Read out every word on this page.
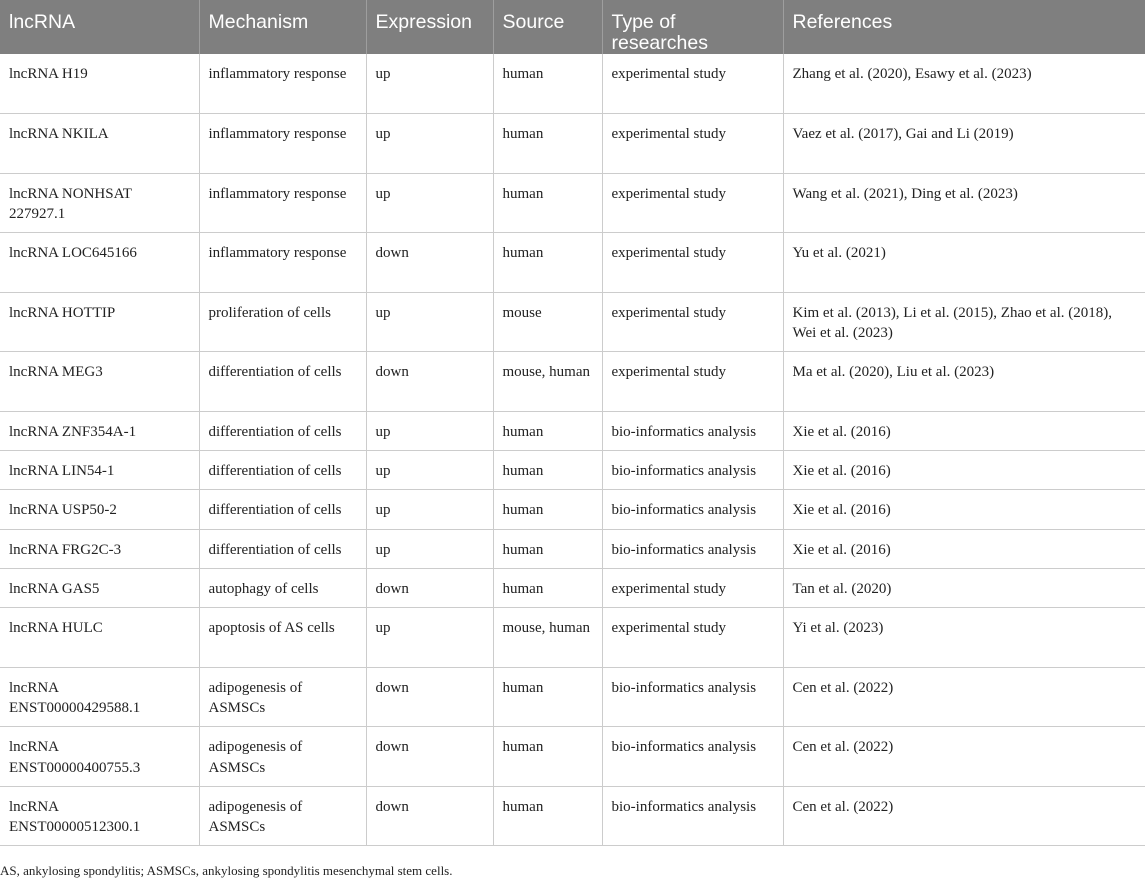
lncRNA	Mechanism	Expression	Source	Type of researches	References
lncRNA H19	inflammatory response	up	human	experimental study	Zhang et al. (2020), Esawy et al. (2023)
lncRNA NKILA	inflammatory response	up	human	experimental study	Vaez et al. (2017), Gai and Li (2019)
lncRNA NONHSAT 227927.1	inflammatory response	up	human	experimental study	Wang et al. (2021), Ding et al. (2023)
lncRNA LOC645166	inflammatory response	down	human	experimental study	Yu et al. (2021)
lncRNA HOTTIP	proliferation of cells	up	mouse	experimental study	Kim et al. (2013), Li et al. (2015), Zhao et al. (2018), Wei et al. (2023)
lncRNA MEG3	differentiation of cells	down	mouse, human	experimental study	Ma et al. (2020), Liu et al. (2023)
lncRNA ZNF354A-1	differentiation of cells	up	human	bio-informatics analysis	Xie et al. (2016)
lncRNA LIN54-1	differentiation of cells	up	human	bio-informatics analysis	Xie et al. (2016)
lncRNA USP50-2	differentiation of cells	up	human	bio-informatics analysis	Xie et al. (2016)
lncRNA FRG2C-3	differentiation of cells	up	human	bio-informatics analysis	Xie et al. (2016)
lncRNA GAS5	autophagy of cells	down	human	experimental study	Tan et al. (2020)
lncRNA HULC	apoptosis of AS cells	up	mouse, human	experimental study	Yi et al. (2023)
lncRNA ENST00000429588.1	adipogenesis of ASMSCs	down	human	bio-informatics analysis	Cen et al. (2022)
lncRNA ENST00000400755.3	adipogenesis of ASMSCs	down	human	bio-informatics analysis	Cen et al. (2022)
lncRNA ENST00000512300.1	adipogenesis of ASMSCs	down	human	bio-informatics analysis	Cen et al. (2022)
AS, ankylosing spondylitis; ASMSCs, ankylosing spondylitis mesenchymal stem cells.
